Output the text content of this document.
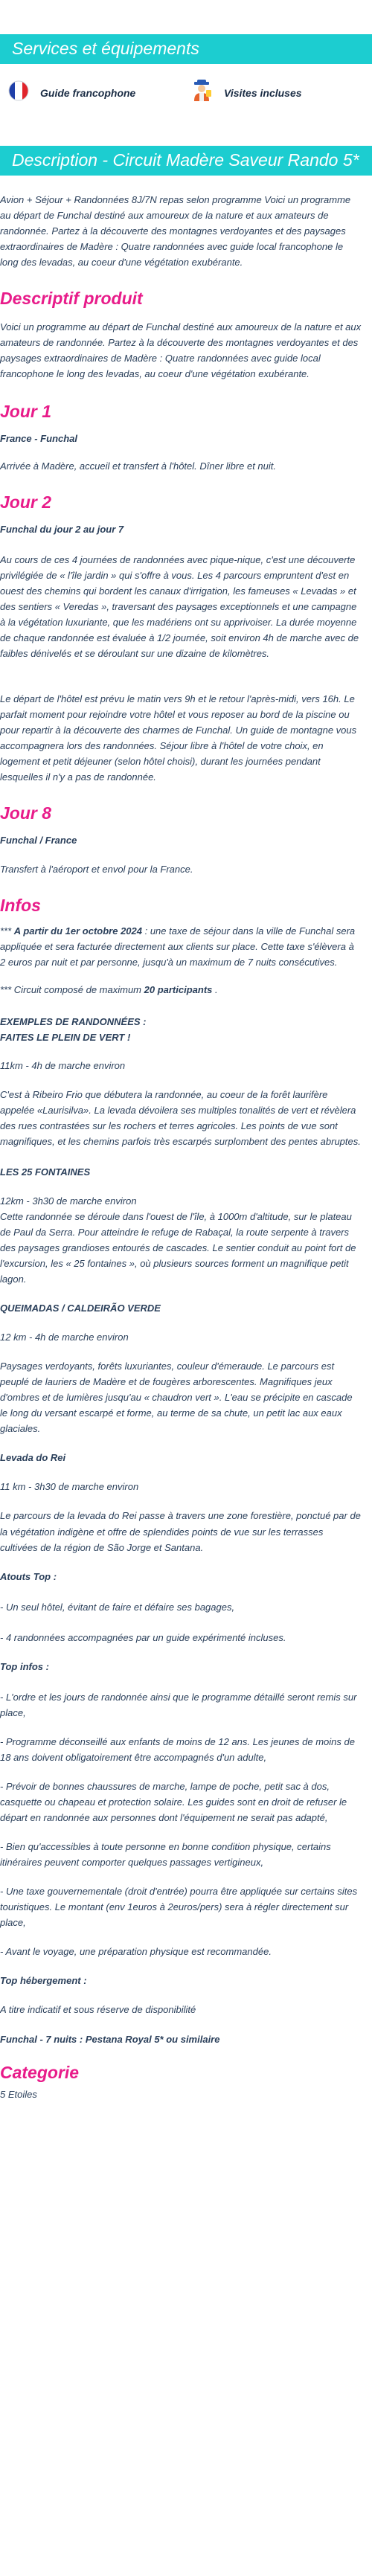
Services et équipements
Guide francophone	Visites incluses
Description - Circuit Madère Saveur Rando 5*

Avion + Séjour + Randonnées 8J/7N repas selon programme Voici un programme au départ de Funchal destiné aux amoureux de la nature et aux amateurs de randonnée. Partez à la découverte des montagnes verdoyantes et des paysages extraordinaires de Madère : Quatre randonnées avec guide local francophone le long des levadas, au coeur d'une végétation exubérante.

Descriptif produit

Voici un programme au départ de Funchal destiné aux amoureux de la nature et aux amateurs de randonnée. Partez à la découverte des montagnes verdoyantes et des paysages extraordinaires de Madère : Quatre randonnées avec guide local francophone le long des levadas, au coeur d'une végétation exubérante.

Jour 1

France - Funchal

Arrivée à Madère, accueil et transfert à l'hôtel. Dîner libre et nuit.

Jour 2

Funchal du jour 2 au jour 7

Au cours de ces 4 journées de randonnées avec pique-nique, c'est une découverte privilégiée de « l'île jardin » qui s'offre à vous. Les 4 parcours empruntent d'est en ouest des chemins qui bordent les canaux d'irrigation, les fameuses « Levadas » et des sentiers « Veredas », traversant des paysages exceptionnels et une campagne à la végétation luxuriante, que les madériens ont su apprivoiser. La durée moyenne de chaque randonnée est évaluée à 1/2 journée, soit environ 4h de marche avec de faibles dénivelés et se déroulant sur une dizaine de kilomètres.

Le départ de l'hôtel est prévu le matin vers 9h et le retour l'après-midi, vers 16h. Le parfait moment pour rejoindre votre hôtel et vous reposer au bord de la piscine ou pour repartir à la découverte des charmes de Funchal. Un guide de montagne vous accompagnera lors des randonnées. Séjour libre à l'hôtel de votre choix, en logement et petit déjeuner (selon hôtel choisi), durant les journées pendant lesquelles il n'y a pas de randonnée.

Jour 8

Funchal / France

Transfert à l'aéroport et envol pour la France.

Infos

*** A partir du 1er octobre 2024 : une taxe de séjour dans la ville de Funchal sera appliquée et sera facturée directement aux clients sur place. Cette taxe s'élèvera à 2 euros par nuit et par personne, jusqu'à un maximum de 7 nuits consécutives.

*** Circuit composé de maximum 20 participants .

EXEMPLES DE RANDONNÉES :

FAITES LE PLEIN DE VERT !

11km - 4h de marche environ

C'est à Ribeiro Frio que débutera la randonnée, au coeur de la forêt laurifère appelée «Laurisilva». La levada dévoilera ses multiples tonalités de vert et révèlera des rues contrastées sur les rochers et terres agricoles. Les points de vue sont magnifiques, et les chemins parfois très escarpés surplombent des pentes abruptes.

LES 25 FONTAINES

12km - 3h30 de marche environ
Cette randonnée se déroule dans l'ouest de l'île, à 1000m d'altitude, sur le plateau de Paul da Serra. Pour atteindre le refuge de Rabaçal, la route serpente à travers des paysages grandioses entourés de cascades. Le sentier conduit au point fort de l'excursion, les « 25 fontaines », où plusieurs sources forment un magnifique petit lagon.

QUEIMADAS / CALDEIRÃO VERDE

12 km - 4h de marche environ

Paysages verdoyants, forêts luxuriantes, couleur d'émeraude. Le parcours est peuplé de lauriers de Madère et de fougères arborescentes. Magnifiques jeux d'ombres et de lumières jusqu'au « chaudron vert ». L'eau se précipite en cascade le long du versant escarpé et forme, au terme de sa chute, un petit lac aux eaux glaciales.

Levada do Rei

11 km - 3h30 de marche environ

Le parcours de la levada do Rei passe à travers une zone forestière, ponctué par de la végétation indigène et offre de splendides points de vue sur les terrasses cultivées de la région de São Jorge et Santana.

Atouts Top :

- Un seul hôtel, évitant de faire et défaire ses bagages,

- 4 randonnées accompagnées par un guide expérimenté incluses.

Top infos :

- L'ordre et les jours de randonnée ainsi que le programme détaillé seront remis sur place,

- Programme déconseillé aux enfants de moins de 12 ans. Les jeunes de moins de 18 ans doivent obligatoirement être accompagnés d'un adulte,

- Prévoir de bonnes chaussures de marche, lampe de poche, petit sac à dos, casquette ou chapeau et protection solaire. Les guides sont en droit de refuser le départ en randonnée aux personnes dont l'équipement ne serait pas adapté,

- Bien qu'accessibles à toute personne en bonne condition physique, certains itinéraires peuvent comporter quelques passages vertigineux,

- Une taxe gouvernementale (droit d'entrée) pourra être appliquée sur certains sites touristiques. Le montant (env 1euros à 2euros/pers) sera à régler directement sur place,

- Avant le voyage, une préparation physique est recommandée.

Top hébergement :

A titre indicatif et sous réserve de disponibilité

Funchal - 7 nuits : Pestana Royal 5* ou similaire

Categorie

5 Etoiles
